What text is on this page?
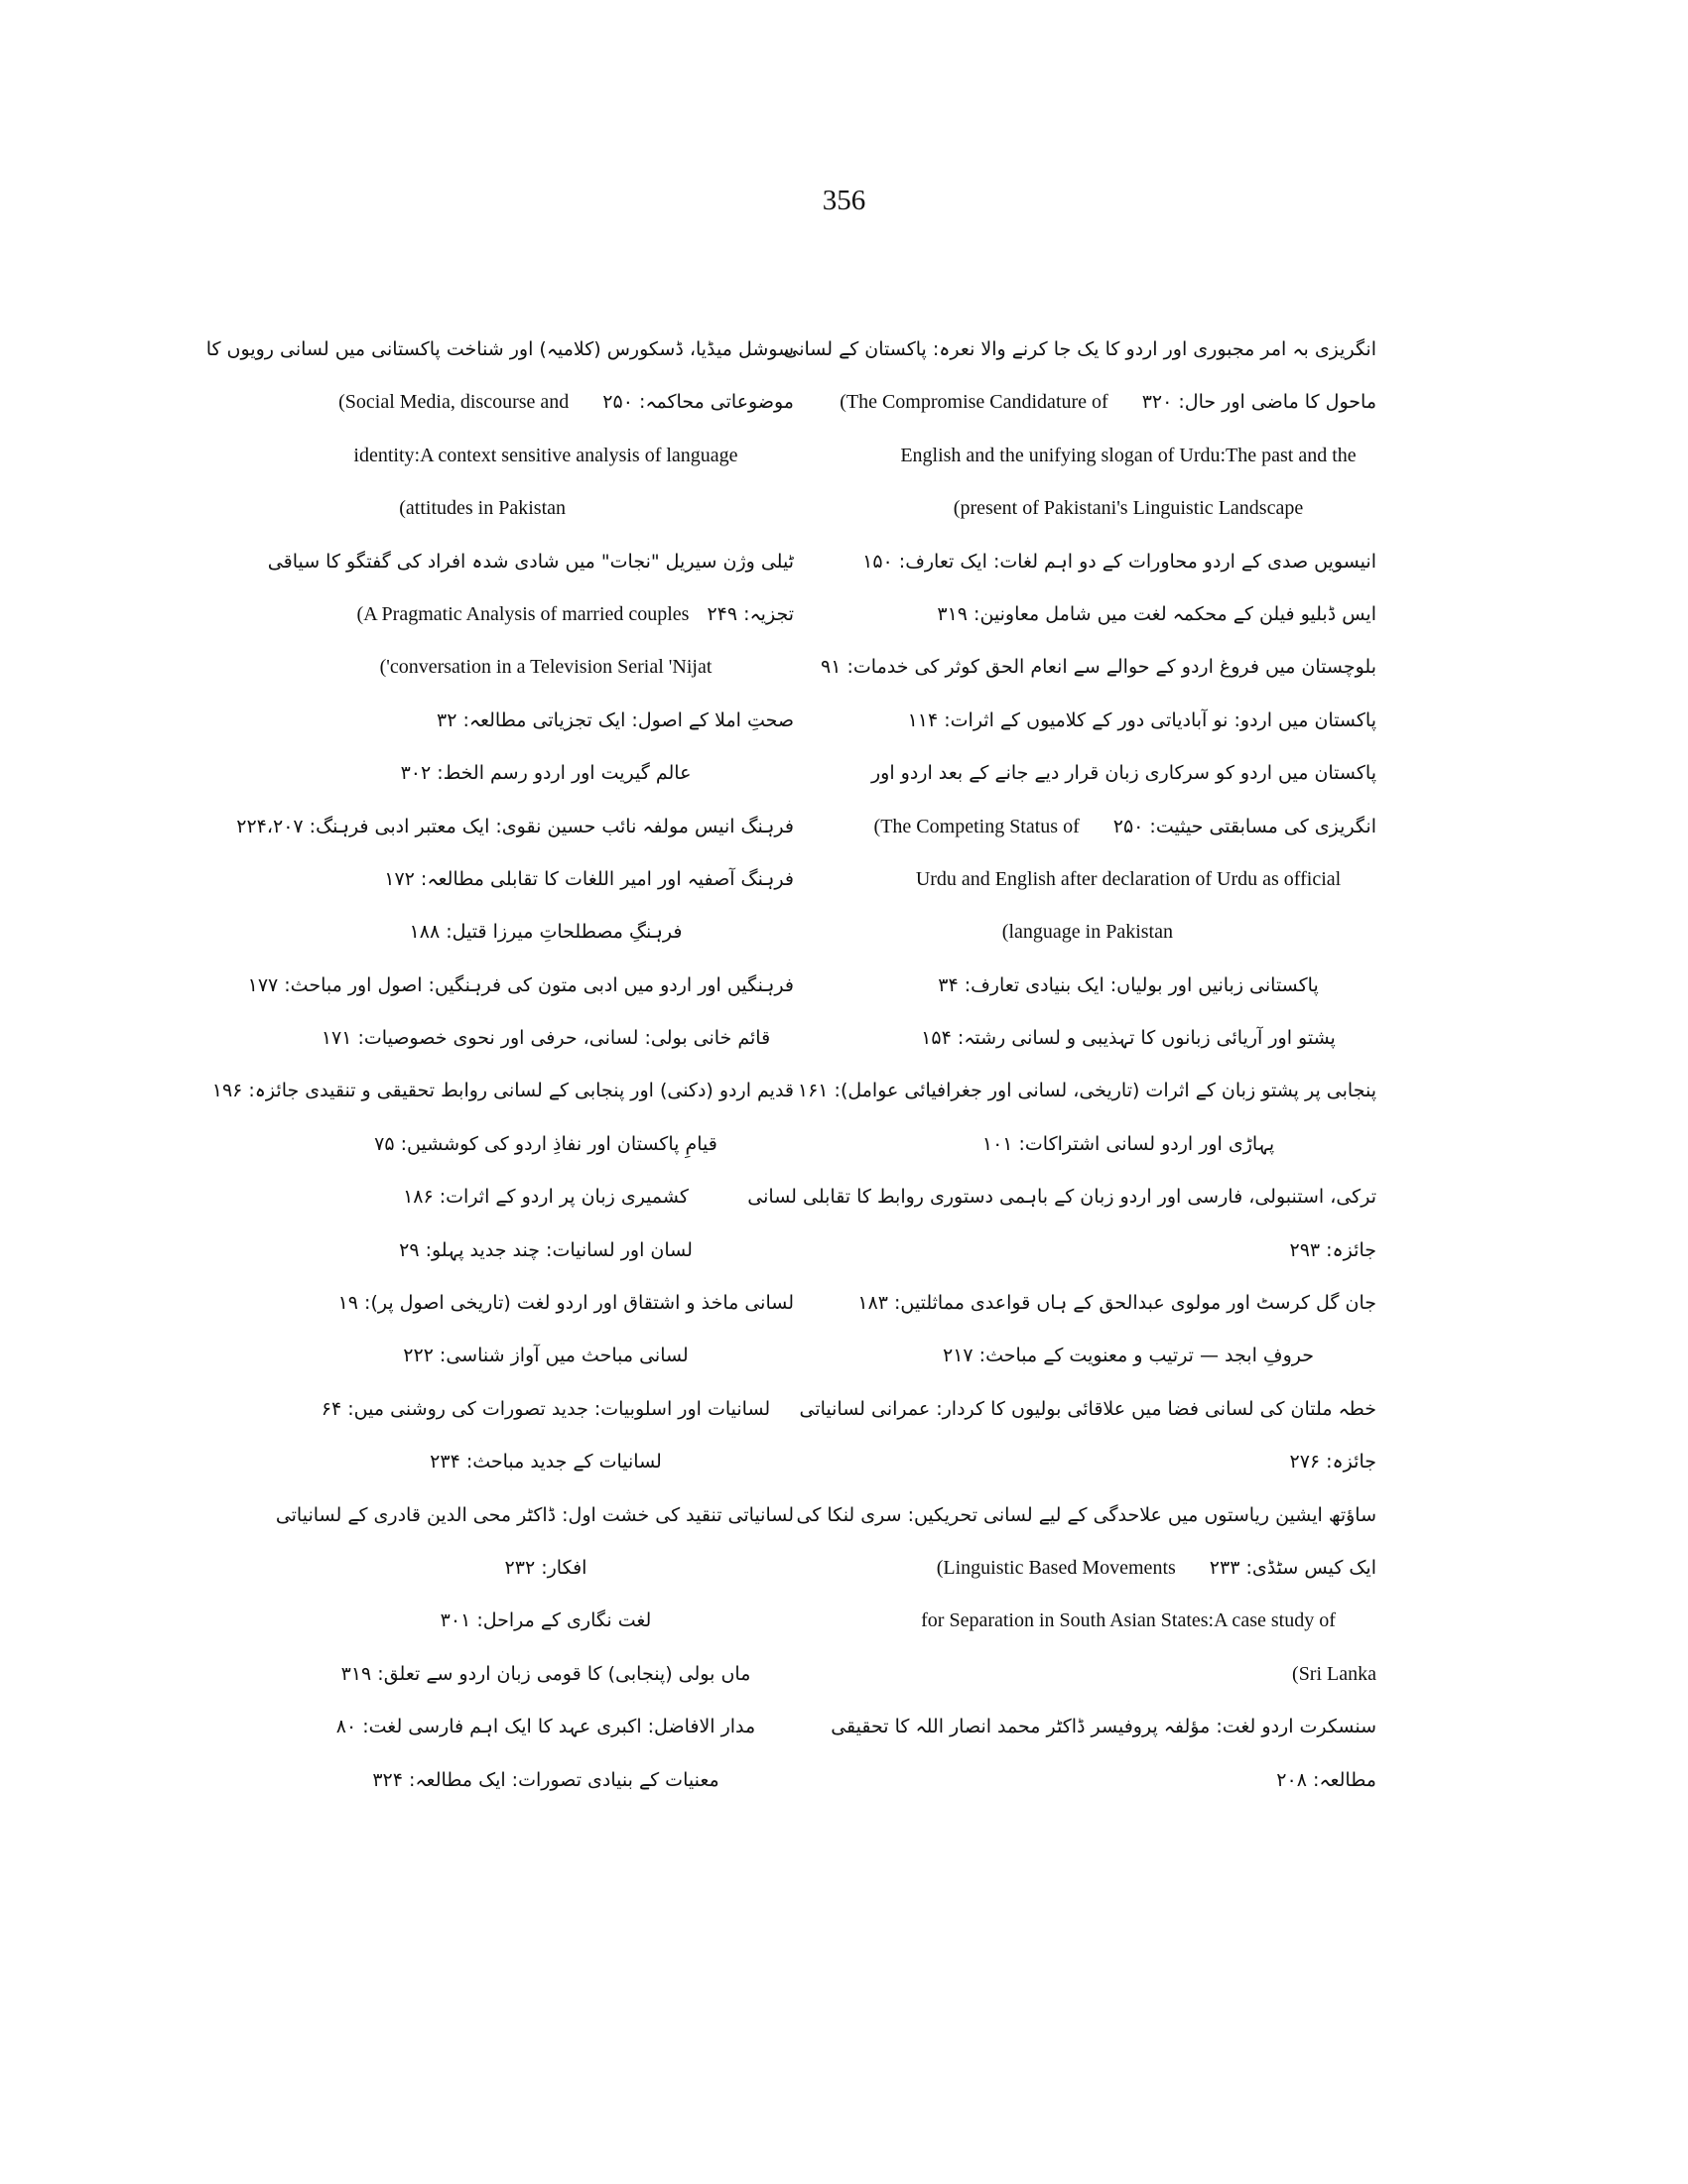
356
انگریزی بہ امر مجبوری اور اردو کا یک جا کرنے والا نعرہ: پاکستان کے لسانی
ماحول کا ماضی اور حال: ۳۲۰(The Compromise Candidature of
English and the unifying slogan of Urdu:The past and the
present of Pakistani's Linguistic Landscape)
انیسویں صدی کے اردو محاورات کے دو اہم لغات: ایک تعارف: ۱۵۰
ایس ڈبلیو فیلن کے محکمہ لغت میں شامل معاونین: ۳۱۹
بلوچستان میں فروغ اردو کے حوالے سے انعام الحق کوثر کی خدمات: ۹۱
پاکستان میں اردو: نو آبادیاتی دور کے کلامیوں کے اثرات: ۱۱۴
پاکستان میں اردو کو سرکاری زبان قرار دیے جانے کے بعد اردو اور
انگریزی کی مسابقتی حیثیت: ۲۵۰(The Competing Status of
Urdu and English after declaration of Urdu as official
language in Pakistan)
پاکستانی زبانیں اور بولیاں: ایک بنیادی تعارف: ۳۴
پشتو اور آریائی زبانوں کا تہذیبی و لسانی رشتہ: ۱۵۴
پنجابی پر پشتو زبان کے اثرات (تاریخی، لسانی اور جغرافیائی عوامل): ۱۶۱
پہاڑی اور اردو لسانی اشتراکات: ۱۰۱
ترکی، استنبولی، فارسی اور اردو زبان کے باہمی دستوری روابط کا تقابلی لسانی
جائزہ: ۲۹۳
جان گل کرسٹ اور مولوی عبدالحق کے ہاں قواعدی مماثلتیں: ۱۸۳
حروفِ ابجد — ترتیب و معنویت کے مباحث: ۲۱۷
خطہ ملتان کی لسانی فضا میں علاقائی بولیوں کا کردار: عمرانی لسانیاتی
جائزہ: ۲۷۶
ساؤتھ ایشین ریاستوں میں علاحدگی کے لیے لسانی تحریکیں: سری لنکا کی
ایک کیس سٹڈی: ۲۳۳(Linguistic Based Movements
for Separation in South Asian States:A case study of
Sri Lanka)
سنسکرت اردو لغت: مؤلفہ پروفیسر ڈاکٹر محمد انصار اللہ کا تحقیقی
مطالعہ: ۲۰۸
سوشل میڈیا، ڈسکورس (کلامیہ) اور شناخت پاکستانی میں لسانی رویوں کا
موضوعاتی محاکمہ: ۲۵۰(Social Media, discourse and
identity:A context sensitive analysis of language
attitudes in Pakistan)
ٹیلی وژن سیریل "نجات" میں شادی شدہ افراد کی گفتگو کا سیاقی
تجزیہ: ۲۴۹(A Pragmatic Analysis of married couples
conversation in a Television Serial 'Nijat')
صحتِ املا کے اصول: ایک تجزیاتی مطالعہ: ۳۲
عالم گیریت اور اردو رسم الخط: ۳۰۲
فرہنگ انیس مولفہ نائب حسین نقوی: ایک معتبر ادبی فرہنگ: ۲۲۴،۲۰۷
فرہنگ آصفیہ اور امیر اللغات کا تقابلی مطالعہ: ۱۷۲
فرہنگِ مصطلحاتِ میرزا قتیل: ۱۸۸
فرہنگیں اور اردو میں ادبی متون کی فرہنگیں: اصول اور مباحث: ۱۷۷
قائم خانی بولی: لسانی، حرفی اور نحوی خصوصیات: ۱۷۱
قدیم اردو (دکنی) اور پنجابی کے لسانی روابط تحقیقی و تنقیدی جائزہ: ۱۹۶
قیامِ پاکستان اور نفاذِ اردو کی کوششیں: ۷۵
کشمیری زبان پر اردو کے اثرات: ۱۸۶
لسان اور لسانیات: چند جدید پہلو: ۲۹
لسانی ماخذ و اشتقاق اور اردو لغت (تاریخی اصول پر): ۱۹
لسانی مباحث میں آواز شناسی: ۲۲۲
لسانیات اور اسلوبیات: جدید تصورات کی روشنی میں: ۶۴
لسانیات کے جدید مباحث: ۲۳۴
لسانیاتی تنقید کی خشت اول: ڈاکٹر محی الدین قادری کے لسانیاتی
افکار: ۲۳۲
لغت نگاری کے مراحل: ۳۰۱
ماں بولی (پنجابی) کا قومی زبان اردو سے تعلق: ۳۱۹
مدار الافاضل: اکبری عہد کا ایک اہم فارسی لغت: ۸۰
معنیات کے بنیادی تصورات: ایک مطالعہ: ۳۲۴
